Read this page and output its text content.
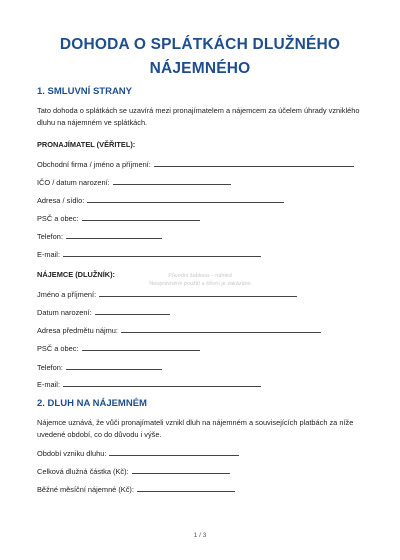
DOHODA O SPLÁTKÁCH DLUŽNÉHO
NÁJEMNÉHO
1. SMLUVNÍ STRANY
Tato dohoda o splátkách se uzavírá mezi pronajímatelem a nájemcem za účelem úhrady vzniklého
dluhu na nájemném ve splátkách.
PRONAJÍMATEL (VĚŘITEL):
Obchodní firma / jméno a příjmení:
IČO / datum narození:
Adresa / sídlo:
PSČ a obec:
Telefon:
E-mail:
NÁJEMCE (DLUŽNÍK):	Původní šablona – náhled
Neoprávněné použití a šíření je zakázáno
Jméno a příjmení:
Datum narození:
Adresa předmětu nájmu:
PSČ a obec:
Telefon:
E-mail:
2. DLUH NA NÁJEMNÉM
Nájemce uznává, že vůči pronajímateli vznikl dluh na nájemném a souvisejících platbách za níže
uvedené období, co do důvodu i výše.
Období vzniku dluhu:
Celková dlužná částka (Kč):
Běžné měsíční nájemné (Kč):
1 / 3
